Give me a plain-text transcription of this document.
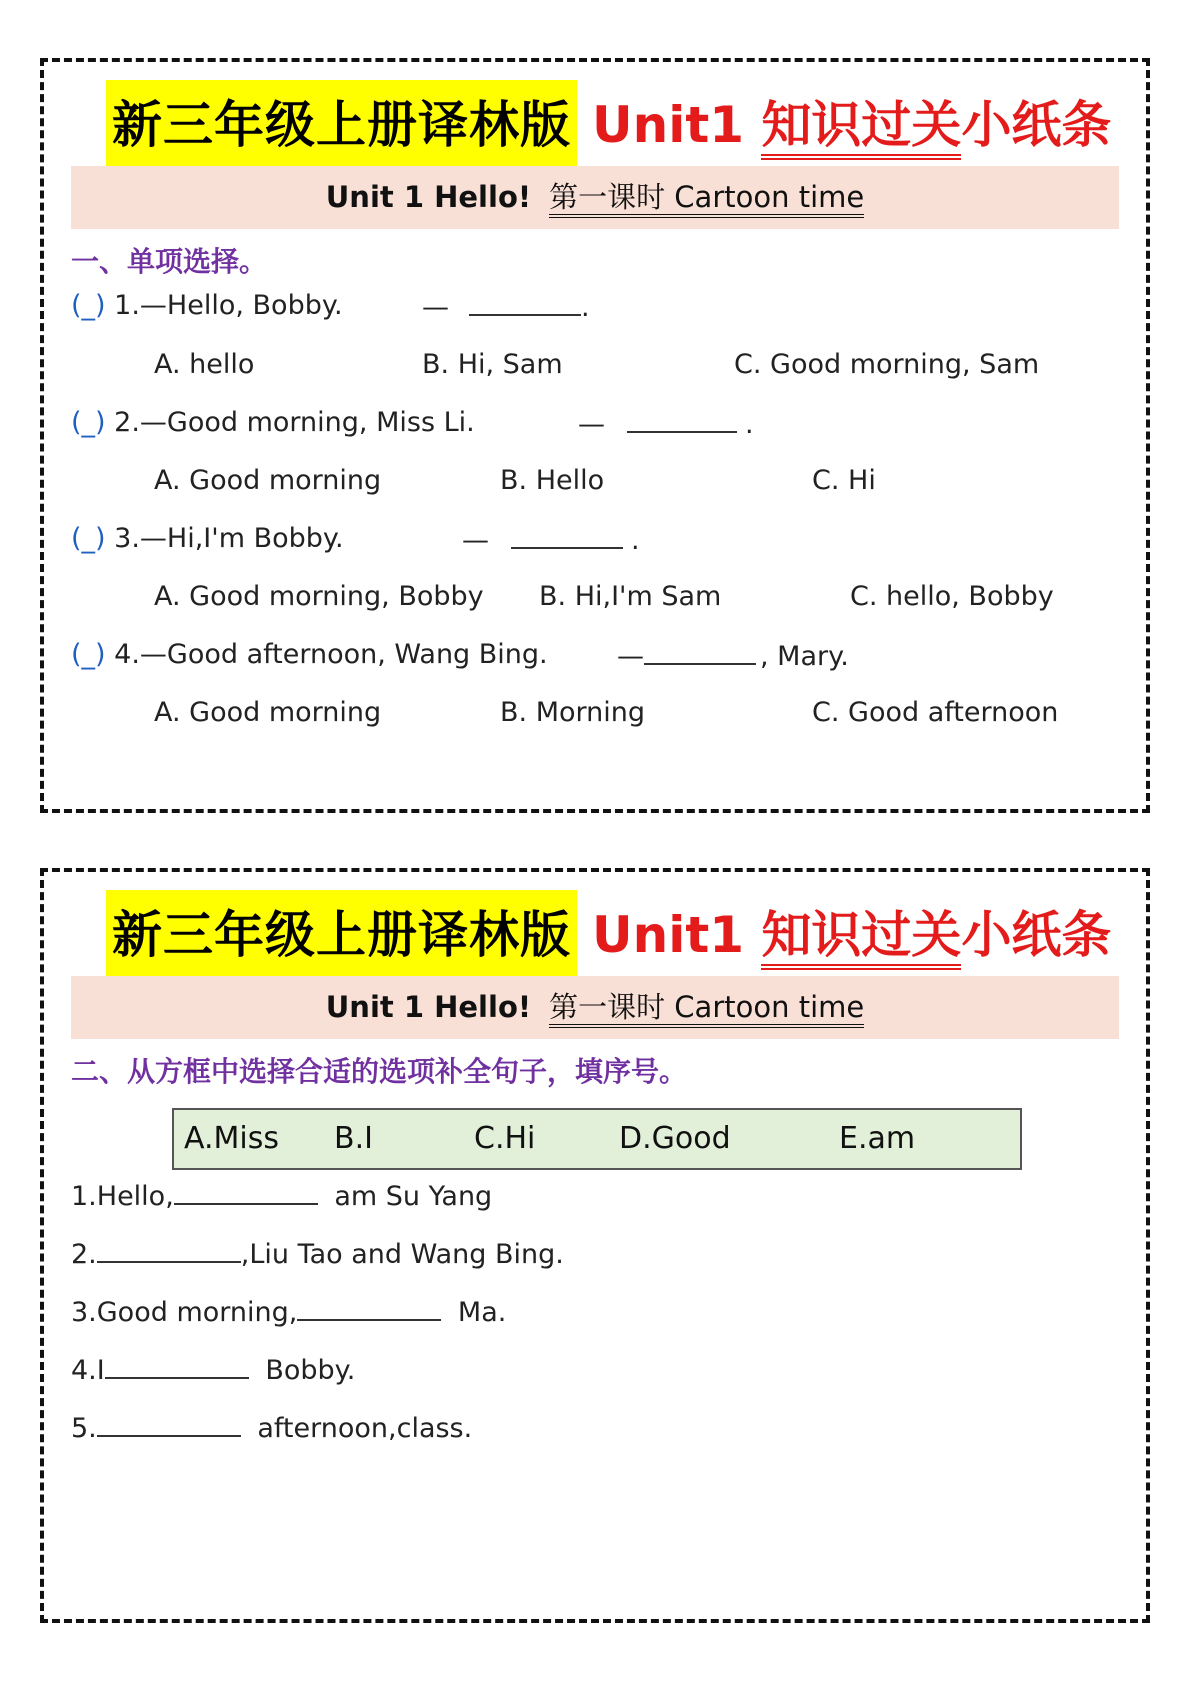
新三年级上册译林版 Unit1 知识过关小纸条
Unit 1 Hello! 第一课时 Cartoon time
一、单项选择。
(_) 1.—Hello, Bobby.	—	.
A. hello	B. Hi, Sam	C. Good morning, Sam
(_) 2.—Good morning, Miss Li.	—	.
A. Good morning	B. Hello	C. Hi
(_) 3.—Hi,I'm Bobby.	—	.
A. Good morning, Bobby B. Hi,I'm Sam	C. hello, Bobby
(_) 4.—Good afternoon, Wang Bing.	—	, Mary.
A. Good morning	B. Morning	C. Good afternoon
新三年级上册译林版 Unit1 知识过关小纸条
Unit 1 Hello! 第一课时 Cartoon time
二、从方框中选择合适的选项补全句子，填序号。
A.Miss B.I	C.Hi	D.Good	E.am
1.Hello,	am Su Yang
2.	,Liu Tao and Wang Bing.
3.Good morning,	Ma.
4.I	Bobby.
5.	afternoon,class.
